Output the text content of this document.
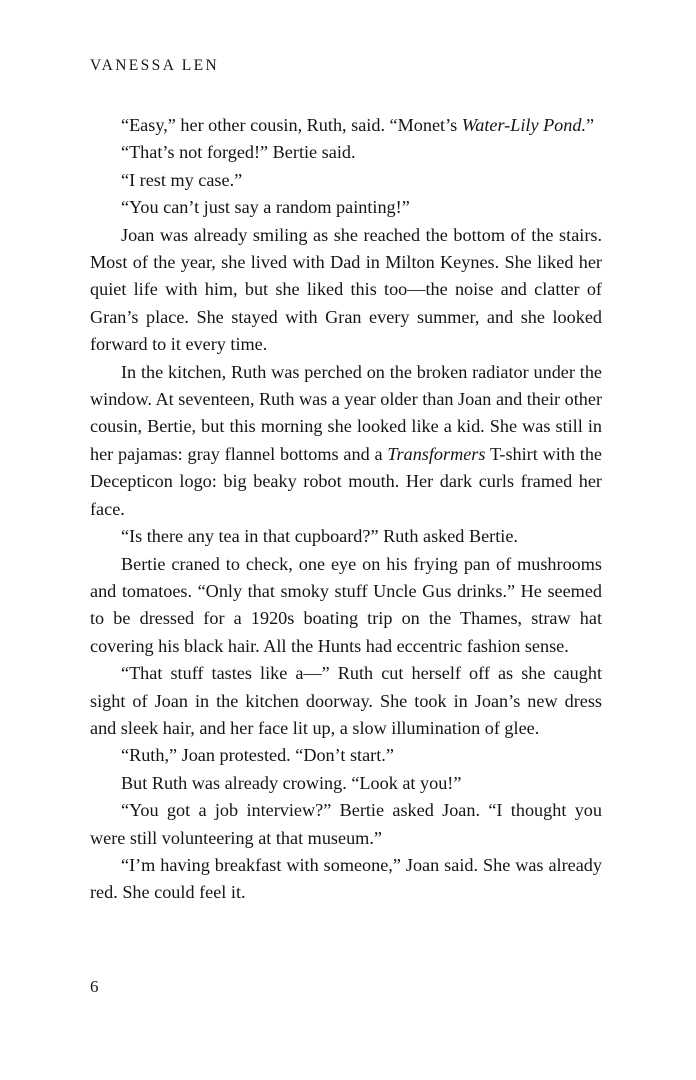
VANESSA LEN

“Easy,” her other cousin, Ruth, said. “Monet’s Water-Lily Pond.”

“That’s not forged!” Bertie said.

“I rest my case.”

“You can’t just say a random painting!”

Joan was already smiling as she reached the bottom of the stairs. Most of the year, she lived with Dad in Milton Keynes. She liked her quiet life with him, but she liked this too—the noise and clatter of Gran’s place. She stayed with Gran every summer, and she looked forward to it every time.

In the kitchen, Ruth was perched on the broken radiator under the window. At seventeen, Ruth was a year older than Joan and their other cousin, Bertie, but this morning she looked like a kid. She was still in her pajamas: gray flannel bottoms and a Transformers T-shirt with the Decepticon logo: big beaky robot mouth. Her dark curls framed her face.

“Is there any tea in that cupboard?” Ruth asked Bertie.

Bertie craned to check, one eye on his frying pan of mushrooms and tomatoes. “Only that smoky stuff Uncle Gus drinks.” He seemed to be dressed for a 1920s boating trip on the Thames, straw hat covering his black hair. All the Hunts had eccentric fashion sense.

“That stuff tastes like a—” Ruth cut herself off as she caught sight of Joan in the kitchen doorway. She took in Joan’s new dress and sleek hair, and her face lit up, a slow illumination of glee.

“Ruth,” Joan protested. “Don’t start.”

But Ruth was already crowing. “Look at you!”

“You got a job interview?” Bertie asked Joan. “I thought you were still volunteering at that museum.”

“I’m having breakfast with someone,” Joan said. She was already red. She could feel it.

6
